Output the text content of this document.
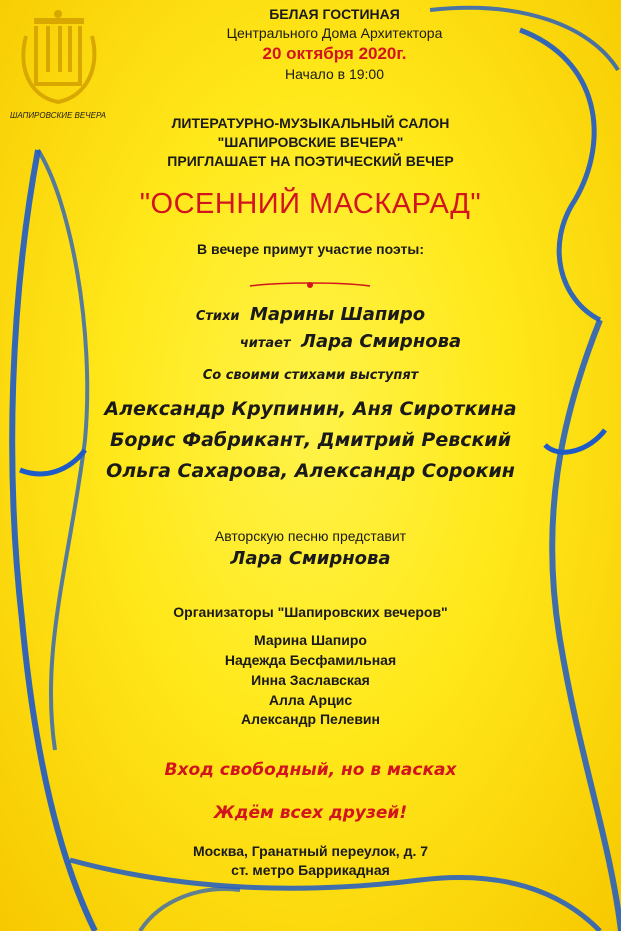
ШАПИРОВСКИЕ ВЕЧЕРА
БЕЛАЯ ГОСТИНАЯ
Центрального Дома Архитектора
20 октября 2020г.
Начало в 19:00
ЛИТЕРАТУРНО-МУЗЫКАЛЬНЫЙ САЛОН
"ШАПИРОВСКИЕ ВЕЧЕРА"
ПРИГЛАШАЕТ НА ПОЭТИЧЕСКИЙ ВЕЧЕР
"ОСЕННИЙ МАСКАРАД"
В вечере примут участие поэты:
Стихи Марины Шапиро
читает Лара Смирнова
Со своими стихами выступят
Александр Крупинин, Аня Сироткина
Борис Фабрикант, Дмитрий Ревский
Ольга Сахарова, Александр Сорокин
Авторскую песню представит
Лара Смирнова
Организаторы "Шапировских вечеров"
Марина Шапиро
Надежда Бесфамильная
Инна Заславская
Алла Арцис
Александр Пелевин
Вход свободный, но в масках
Ждём всех друзей!
Москва, Гранатный переулок, д. 7
ст. метро Баррикадная
